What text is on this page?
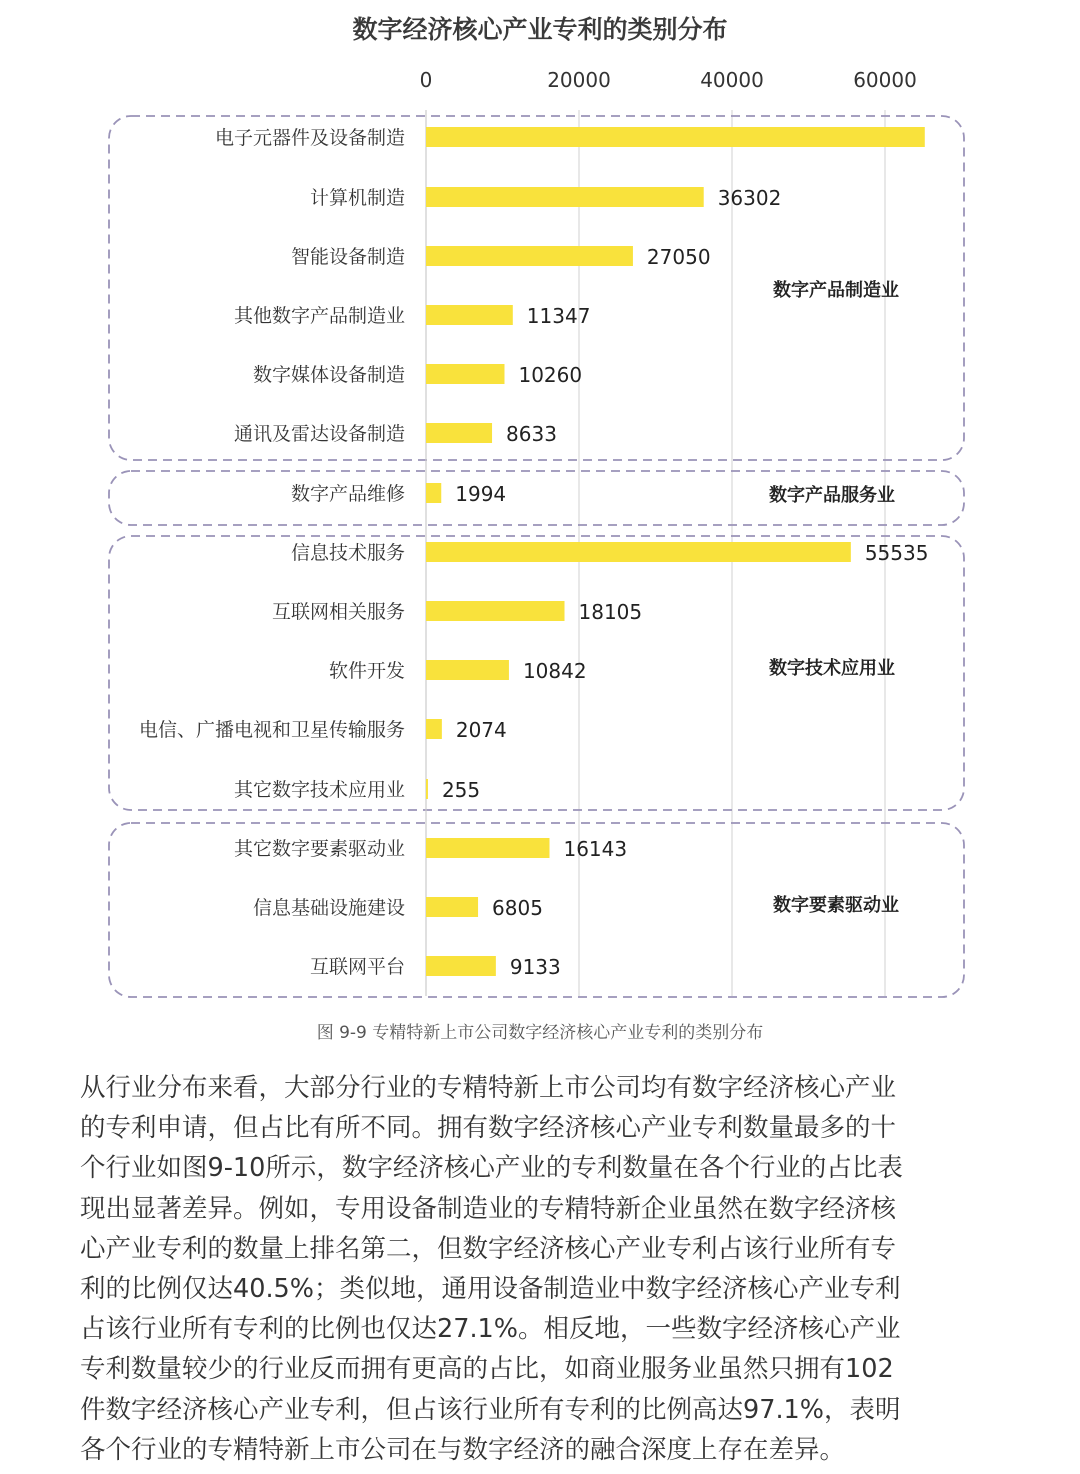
数字经济核心产业专利的类别分布
0	20000	40000	60000
电子元器件及设备制造
计算机制造	36302
智能设备制造	27050
其他数字产品制造业	11347
数字媒体设备制造	10260
通讯及雷达设备制造	8633
数字产品维修	1994
信息技术服务	55535
互联网相关服务	18105
软件开发	10842
电信、广播电视和卫星传输服务	2074
其它数字技术应用业 255
其它数字要素驱动业	16143
信息基础设施建设	6805
互联网平台	9133
数字产品制造业
数字产品服务业
数字技术应用业
数字要素驱动业
图 9-9 专精特新上市公司数字经济核心产业专利的类别分布
从行业分布来看，大部分行业的专精特新上市公司均有数字经济核心产业
的专利申请，但占比有所不同。拥有数字经济核心产业专利数量最多的十
个行业如图9-10所示，数字经济核心产业的专利数量在各个行业的占比表
现出显著差异。例如，专用设备制造业的专精特新企业虽然在数字经济核
心产业专利的数量上排名第二，但数字经济核心产业专利占该行业所有专
利的比例仅达40.5%；类似地，通用设备制造业中数字经济核心产业专利
占该行业所有专利的比例也仅达27.1%。相反地，一些数字经济核心产业
专利数量较少的行业反而拥有更高的占比，如商业服务业虽然只拥有102
件数字经济核心产业专利，但占该行业所有专利的比例高达97.1%，表明
各个行业的专精特新上市公司在与数字经济的融合深度上存在差异。
